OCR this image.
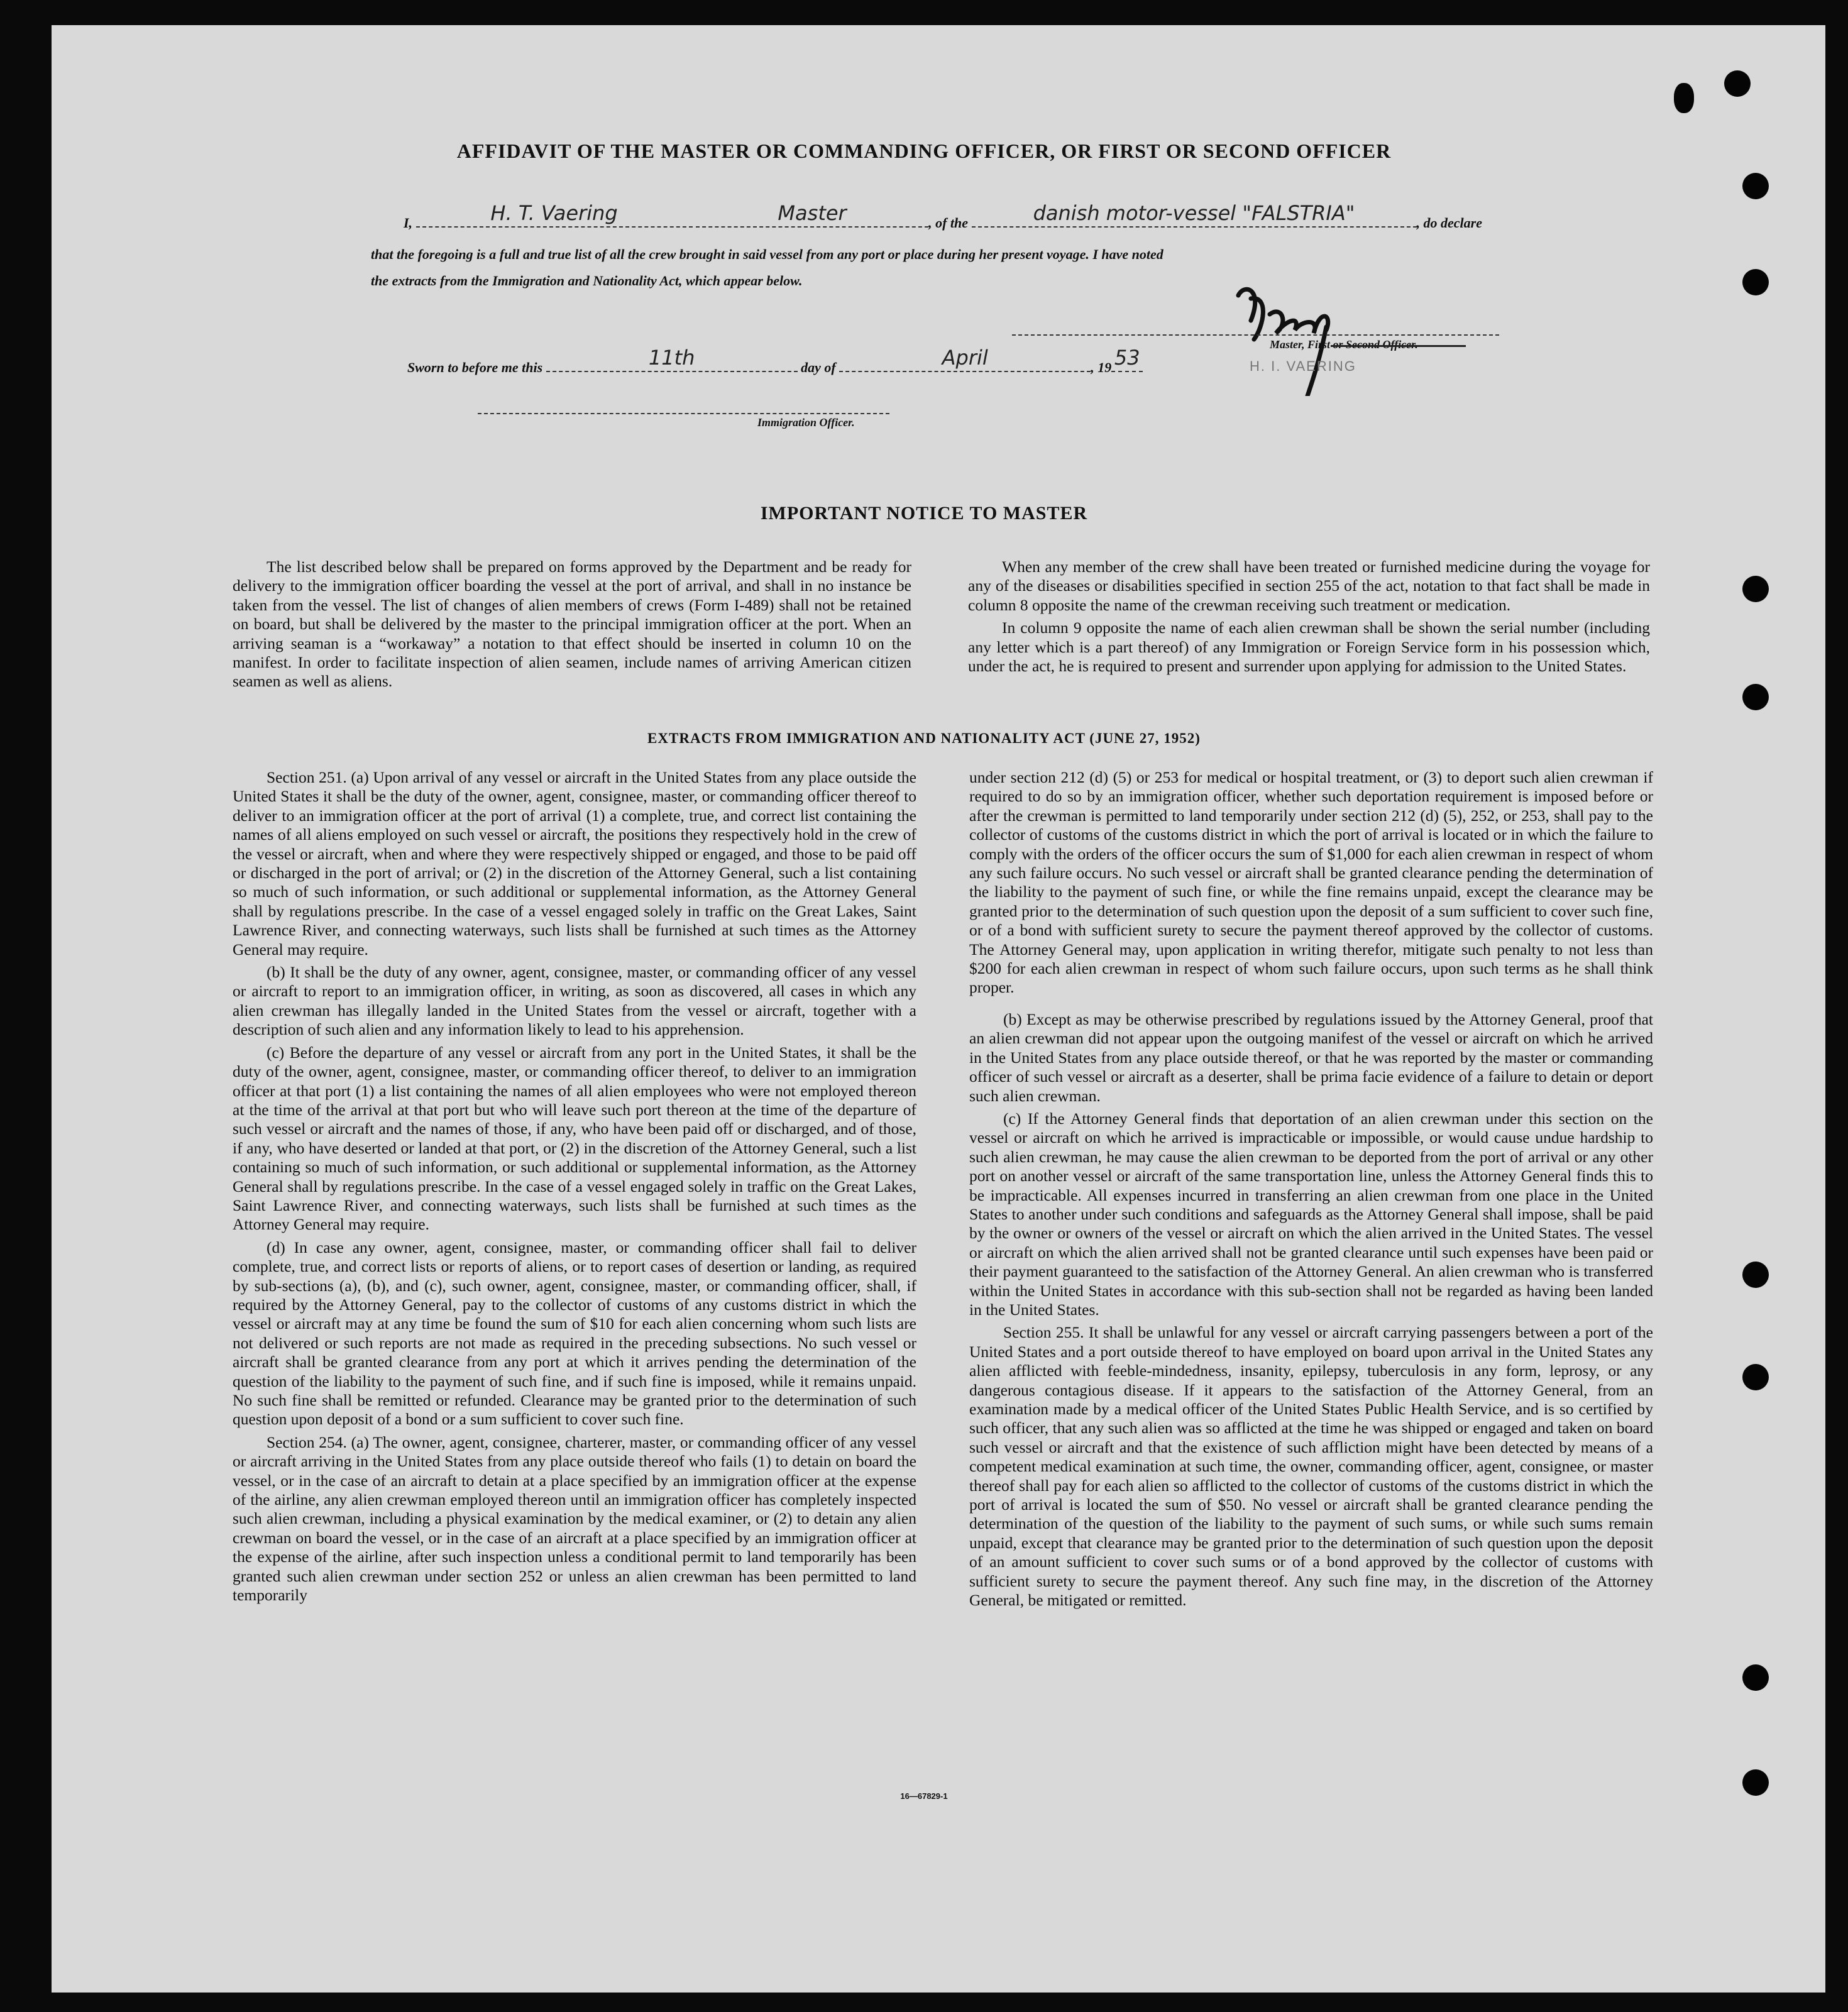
AFFIDAVIT OF THE MASTER OR COMMANDING OFFICER, OR FIRST OR SECOND OFFICER
I,	H. T. Vaering
	Master	, of the	danish motor-vessel "FALSTRIA"	, do declare
that the foregoing is a full and true list of all the crew brought in said vessel from any port or place during her present voyage. I have noted
the extracts from the Immigration and Nationality Act, which appear below.
Master, First or Second Officer.
H. I. VAERING
Sworn to before me this	11th	day of	April	, 19 53
Immigration Officer.
IMPORTANT NOTICE TO MASTER

The list described below shall be prepared on forms approved by the Department and be ready for delivery to the immigration officer boarding the vessel at the port of arrival, and shall in no instance be taken from the vessel. The list of changes of alien members of crews (Form I-489) shall not be retained on board, but shall be delivered by the master to the principal immigration officer at the port. When an arriving seaman is a “workaway” a notation to that effect should be inserted in column 10 on the manifest. In order to facilitate inspection of alien seamen, include names of arriving American citizen seamen as well as aliens.

When any member of the crew shall have been treated or furnished medicine during the voyage for any of the diseases or disabilities specified in section 255 of the act, notation to that fact shall be made in column 8 opposite the name of the crewman receiving such treatment or medication.

In column 9 opposite the name of each alien crewman shall be shown the serial number (including any letter which is a part thereof) of any Immigration or Foreign Service form in his possession which, under the act, he is required to present and surrender upon applying for admission to the United States.

EXTRACTS FROM IMMIGRATION AND NATIONALITY ACT (JUNE 27, 1952)

Section 251. (a) Upon arrival of any vessel or aircraft in the United States from any place outside the United States it shall be the duty of the owner, agent, consignee, master, or commanding officer thereof to deliver to an immigration officer at the port of arrival (1) a complete, true, and correct list containing the names of all aliens employed on such vessel or aircraft, the positions they respectively hold in the crew of the vessel or aircraft, when and where they were respectively shipped or engaged, and those to be paid off or discharged in the port of arrival; or (2) in the discretion of the Attorney General, such a list containing so much of such information, or such additional or supplemental information, as the Attorney General shall by regulations prescribe. In the case of a vessel engaged solely in traffic on the Great Lakes, Saint Lawrence River, and connecting waterways, such lists shall be furnished at such times as the Attorney General may require.

(b) It shall be the duty of any owner, agent, consignee, master, or commanding officer of any vessel or aircraft to report to an immigration officer, in writing, as soon as discovered, all cases in which any alien crewman has illegally landed in the United States from the vessel or aircraft, together with a description of such alien and any information likely to lead to his apprehension.

(c) Before the departure of any vessel or aircraft from any port in the United States, it shall be the duty of the owner, agent, consignee, master, or commanding officer thereof, to deliver to an immigration officer at that port (1) a list containing the names of all alien employees who were not employed thereon at the time of the arrival at that port but who will leave such port thereon at the time of the departure of such vessel or aircraft and the names of those, if any, who have been paid off or discharged, and of those, if any, who have deserted or landed at that port, or (2) in the discretion of the Attorney General, such a list containing so much of such information, or such additional or supplemental information, as the Attorney General shall by regulations prescribe. In the case of a vessel engaged solely in traffic on the Great Lakes, Saint Lawrence River, and connecting waterways, such lists shall be furnished at such times as the Attorney General may require.

(d) In case any owner, agent, consignee, master, or commanding officer shall fail to deliver complete, true, and correct lists or reports of aliens, or to report cases of desertion or landing, as required by sub-sections (a), (b), and (c), such owner, agent, consignee, master, or commanding officer, shall, if required by the Attorney General, pay to the collector of customs of any customs district in which the vessel or aircraft may at any time be found the sum of $10 for each alien concerning whom such lists are not delivered or such reports are not made as required in the preceding subsections. No such vessel or aircraft shall be granted clearance from any port at which it arrives pending the determination of the question of the liability to the payment of such fine, and if such fine is imposed, while it remains unpaid. No such fine shall be remitted or refunded. Clearance may be granted prior to the determination of such question upon deposit of a bond or a sum sufficient to cover such fine.

Section 254. (a) The owner, agent, consignee, charterer, master, or commanding officer of any vessel or aircraft arriving in the United States from any place outside thereof who fails (1) to detain on board the vessel, or in the case of an aircraft to detain at a place specified by an immigration officer at the expense of the airline, any alien crewman employed thereon until an immigration officer has completely inspected such alien crewman, including a physical examination by the medical examiner, or (2) to detain any alien crewman on board the vessel, or in the case of an aircraft at a place specified by an immigration officer at the expense of the airline, after such inspection unless a conditional permit to land temporarily has been granted such alien crewman under section 252 or unless an alien crewman has been permitted to land temporarily

under section 212 (d) (5) or 253 for medical or hospital treatment, or (3) to deport such alien crewman if required to do so by an immigration officer, whether such deportation requirement is imposed before or after the crewman is permitted to land temporarily under section 212 (d) (5), 252, or 253, shall pay to the collector of customs of the customs district in which the port of arrival is located or in which the failure to comply with the orders of the officer occurs the sum of $1,000 for each alien crewman in respect of whom any such failure occurs. No such vessel or aircraft shall be granted clearance pending the determination of the liability to the payment of such fine, or while the fine remains unpaid, except the clearance may be granted prior to the determination of such question upon the deposit of a sum sufficient to cover such fine, or of a bond with sufficient surety to secure the payment thereof approved by the collector of customs. The Attorney General may, upon application in writing therefor, mitigate such penalty to not less than $200 for each alien crewman in respect of whom such failure occurs, upon such terms as he shall think proper.

(b) Except as may be otherwise prescribed by regulations issued by the Attorney General, proof that an alien crewman did not appear upon the outgoing manifest of the vessel or aircraft on which he arrived in the United States from any place outside thereof, or that he was reported by the master or commanding officer of such vessel or aircraft as a deserter, shall be prima facie evidence of a failure to detain or deport such alien crewman.

(c) If the Attorney General finds that deportation of an alien crewman under this section on the vessel or aircraft on which he arrived is impracticable or impossible, or would cause undue hardship to such alien crewman, he may cause the alien crewman to be deported from the port of arrival or any other port on another vessel or aircraft of the same transportation line, unless the Attorney General finds this to be impracticable. All expenses incurred in transferring an alien crewman from one place in the United States to another under such conditions and safeguards as the Attorney General shall impose, shall be paid by the owner or owners of the vessel or aircraft on which the alien arrived in the United States. The vessel or aircraft on which the alien arrived shall not be granted clearance until such expenses have been paid or their payment guaranteed to the satisfaction of the Attorney General. An alien crewman who is transferred within the United States in accordance with this sub-section shall not be regarded as having been landed in the United States.

Section 255. It shall be unlawful for any vessel or aircraft carrying passengers between a port of the United States and a port outside thereof to have employed on board upon arrival in the United States any alien afflicted with feeble-mindedness, insanity, epilepsy, tuberculosis in any form, leprosy, or any dangerous contagious disease. If it appears to the satisfaction of the Attorney General, from an examination made by a medical officer of the United States Public Health Service, and is so certified by such officer, that any such alien was so afflicted at the time he was shipped or engaged and taken on board such vessel or aircraft and that the existence of such affliction might have been detected by means of a competent medical examination at such time, the owner, commanding officer, agent, consignee, or master thereof shall pay for each alien so afflicted to the collector of customs of the customs district in which the port of arrival is located the sum of $50. No vessel or aircraft shall be granted clearance pending the determination of the question of the liability to the payment of such sums, or while such sums remain unpaid, except that clearance may be granted prior to the determination of such question upon the deposit of an amount sufficient to cover such sums or of a bond approved by the collector of customs with sufficient surety to secure the payment thereof. Any such fine may, in the discretion of the Attorney General, be mitigated or remitted.

16—67829-1
